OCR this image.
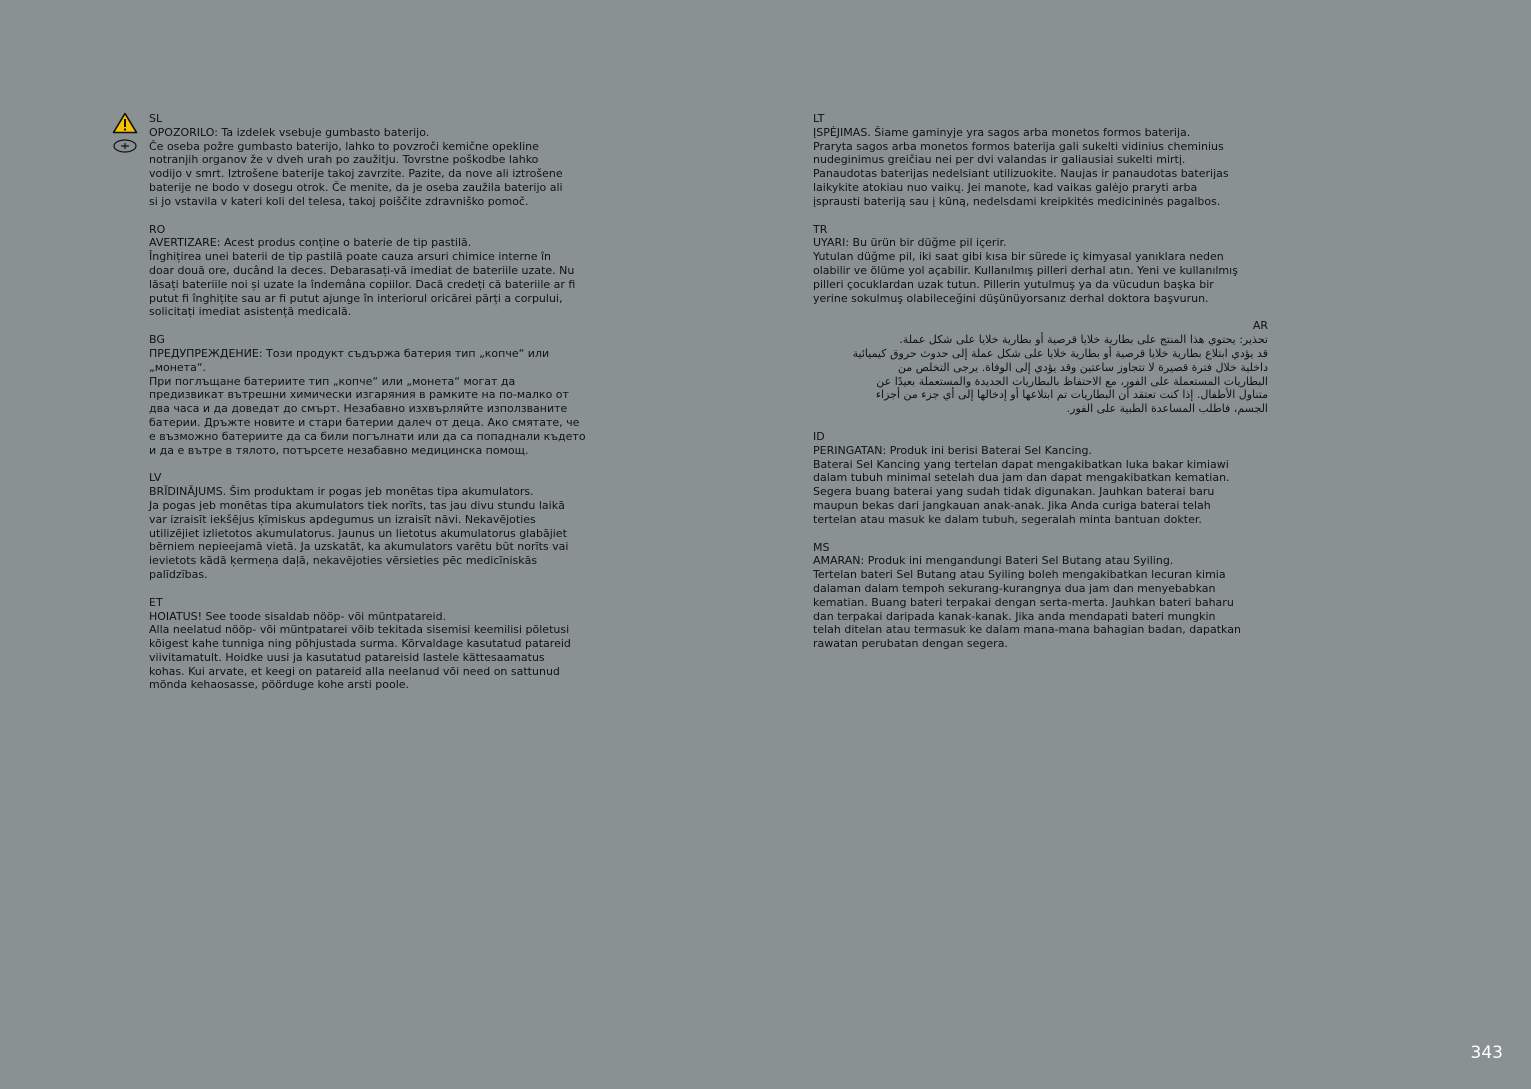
SL

OPOZORILO: Ta izdelek vsebuje gumbasto baterijo.
Če oseba požre gumbasto baterijo, lahko to povzroči kemične opekline
notranjih organov že v dveh urah po zaužitju. Tovrstne poškodbe lahko
vodijo v smrt. Iztrošene baterije takoj zavrzite. Pazite, da nove ali iztrošene
baterije ne bodo v dosegu otrok. Če menite, da je oseba zaužila baterijo ali
si jo vstavila v kateri koli del telesa, takoj poiščite zdravniško pomoč.

RO

AVERTIZARE: Acest produs conține o baterie de tip pastilă.
Înghițirea unei baterii de tip pastilă poate cauza arsuri chimice interne în
doar două ore, ducând la deces. Debarasați-vă imediat de bateriile uzate. Nu
lăsați bateriile noi și uzate la îndemâna copiilor. Dacă credeți că bateriile ar fi
putut fi înghițite sau ar fi putut ajunge în interiorul oricărei părți a corpului,
solicitați imediat asistență medicală.

BG

ПРЕДУПРЕЖДЕНИЕ: Този продукт съдържа батерия тип „копче“ или
„монета“.
При поглъщане батериите тип „копче“ или „монета“ могат да
предизвикат вътрешни химически изгаряния в рамките на по-малко от
два часа и да доведат до смърт. Незабавно изхвърляйте използваните
батерии. Дръжте новите и стари батерии далеч от деца. Ако смятате, че
е възможно батериите да са били погълнати или да са попаднали където
и да е вътре в тялото, потърсете незабавно медицинска помощ.

LV

BRĪDINĀJUMS. Šim produktam ir pogas jeb monētas tipa akumulators.
Ja pogas jeb monētas tipa akumulators tiek norīts, tas jau divu stundu laikā
var izraisīt iekšējus ķīmiskus apdegumus un izraisīt nāvi. Nekavējoties
utilizējiet izlietotos akumulatorus. Jaunus un lietotus akumulatorus glabājiet
bērniem nepieejamā vietā. Ja uzskatāt, ka akumulators varētu būt norīts vai
ievietots kādā ķermeņa daļā, nekavējoties vērsieties pēc medicīniskās
palīdzības.

ET

HOIATUS! See toode sisaldab nööp- või müntpatareid.
Alla neelatud nööp- või müntpatarei võib tekitada sisemisi keemilisi põletusi
kõigest kahe tunniga ning põhjustada surma. Kõrvaldage kasutatud patareid
viivitamatult. Hoidke uusi ja kasutatud patareisid lastele kättesaamatus
kohas. Kui arvate, et keegi on patareid alla neelanud või need on sattunud
mõnda kehaosasse, pöörduge kohe arsti poole.

LT

ĮSPĖJIMAS. Šiame gaminyje yra sagos arba monetos formos baterija.
Praryta sagos arba monetos formos baterija gali sukelti vidinius cheminius
nudeginimus greičiau nei per dvi valandas ir galiausiai sukelti mirtį.
Panaudotas baterijas nedelsiant utilizuokite. Naujas ir panaudotas baterijas
laikykite atokiau nuo vaikų. Jei manote, kad vaikas galėjo praryti arba
įsprausti bateriją sau į kūną, nedelsdami kreipkitės medicininės pagalbos.

TR

UYARI: Bu ürün bir düğme pil içerir.
Yutulan düğme pil, iki saat gibi kısa bir sürede iç kimyasal yanıklara neden
olabilir ve ölüme yol açabilir. Kullanılmış pilleri derhal atın. Yeni ve kullanılmış
pilleri çocuklardan uzak tutun. Pillerin yutulmuş ya da vücudun başka bir
yerine sokulmuş olabileceğini düşünüyorsanız derhal doktora başvurun.

AR

تحذير: يحتوي هذا المنتج على بطارية خلايا قرصية أو بطارية خلايا على شكل عملة.
قد يؤدي ابتلاع بطارية خلايا قرصية أو بطارية خلايا على شكل عملة إلى حدوث حروق كيميائية
داخلية خلال فترة قصيرة لا تتجاوز ساعتين وقد يؤدي إلى الوفاة. يرجى التخلص من
البطاريات المستعملة على الفور، مع الاحتفاظ بالبطاريات الجديدة والمستعملة بعيدًا عن
متناول الأطفال. إذا كنت تعتقد أن البطاريات تم ابتلاعها أو إدخالها إلى أي جزء من أجزاء
الجسم، فاطلب المساعدة الطبية على الفور.

ID

PERINGATAN: Produk ini berisi Baterai Sel Kancing.
Baterai Sel Kancing yang tertelan dapat mengakibatkan luka bakar kimiawi
dalam tubuh minimal setelah dua jam dan dapat mengakibatkan kematian.
Segera buang baterai yang sudah tidak digunakan. Jauhkan baterai baru
maupun bekas dari jangkauan anak-anak. Jika Anda curiga baterai telah
tertelan atau masuk ke dalam tubuh, segeralah minta bantuan dokter.

MS

AMARAN: Produk ini mengandungi Bateri Sel Butang atau Syiling.
Tertelan bateri Sel Butang atau Syiling boleh mengakibatkan lecuran kimia
dalaman dalam tempoh sekurang-kurangnya dua jam dan menyebabkan
kematian. Buang bateri terpakai dengan serta-merta. Jauhkan bateri baharu
dan terpakai daripada kanak-kanak. Jika anda mendapati bateri mungkin
telah ditelan atau termasuk ke dalam mana-mana bahagian badan, dapatkan
rawatan perubatan dengan segera.

343
